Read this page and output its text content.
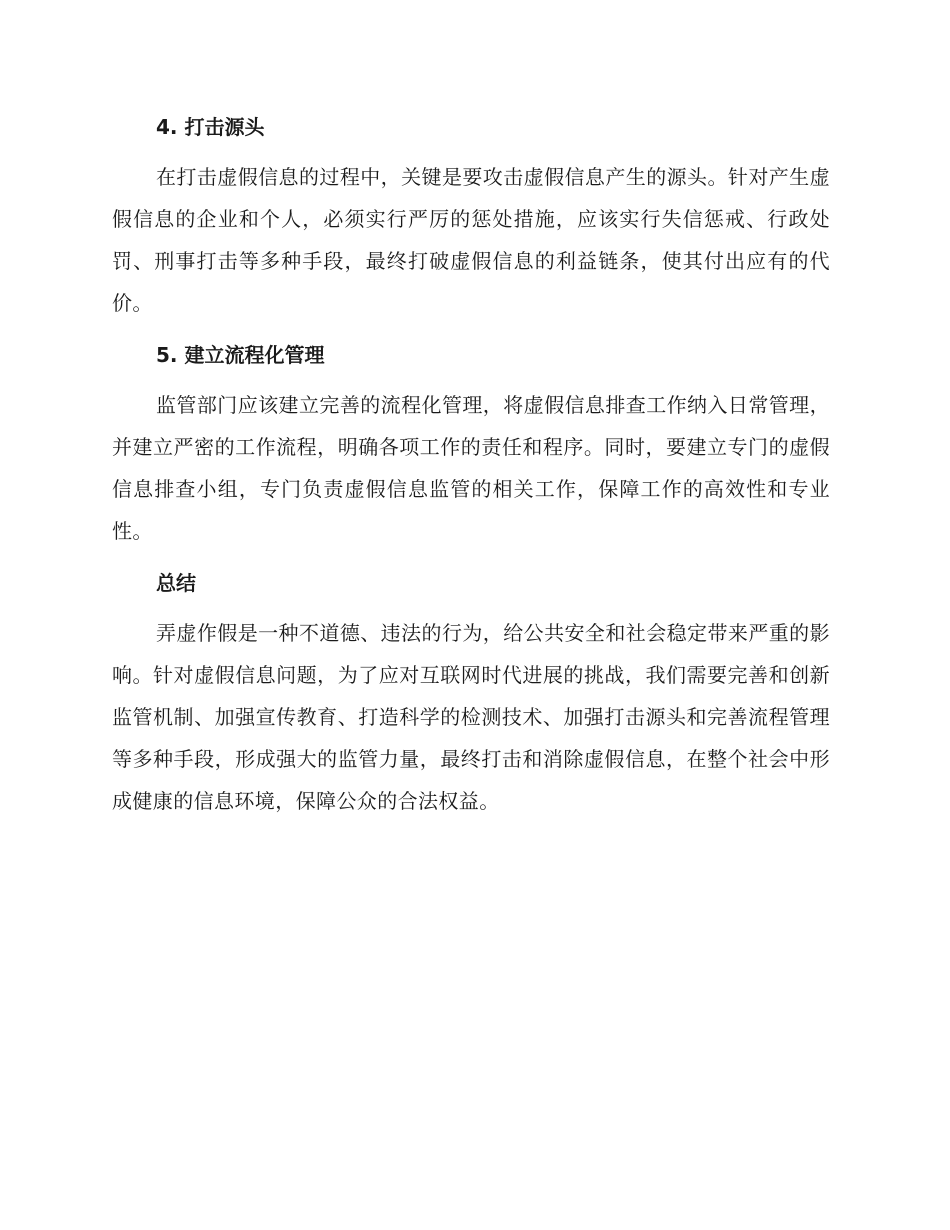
4. 打击源头

在打击虚假信息的过程中，关键是要攻击虚假信息产生的源头。针对产生虚假信息的企业和个人，必须实行严厉的惩处措施，应该实行失信惩戒、行政处罚、刑事打击等多种手段，最终打破虚假信息的利益链条，使其付出应有的代价。

5. 建立流程化管理

监管部门应该建立完善的流程化管理，将虚假信息排查工作纳入日常管理，并建立严密的工作流程，明确各项工作的责任和程序。同时，要建立专门的虚假信息排查小组，专门负责虚假信息监管的相关工作，保障工作的高效性和专业性。

总结

弄虚作假是一种不道德、违法的行为，给公共安全和社会稳定带来严重的影响。针对虚假信息问题，为了应对互联网时代进展的挑战，我们需要完善和创新监管机制、加强宣传教育、打造科学的检测技术、加强打击源头和完善流程管理等多种手段，形成强大的监管力量，最终打击和消除虚假信息，在整个社会中形成健康的信息环境，保障公众的合法权益。
